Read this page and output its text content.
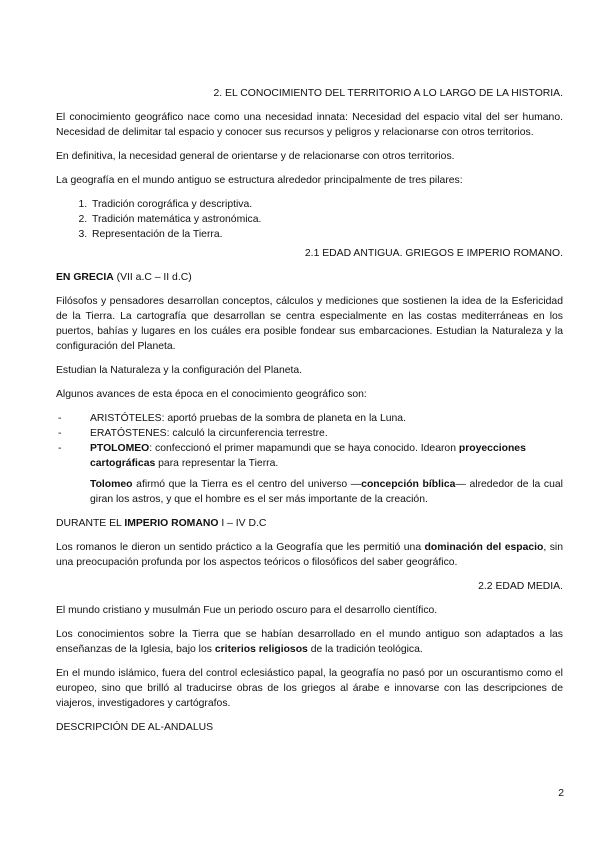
2. EL CONOCIMIENTO DEL TERRITORIO A LO LARGO DE LA HISTORIA.

El conocimiento geográfico nace como una necesidad innata: Necesidad del espacio vital del ser humano. Necesidad de delimitar tal espacio y conocer sus recursos y peligros y relacionarse con otros territorios.

En definitiva, la necesidad general de orientarse y de relacionarse con otros territorios.

La geografía en el mundo antiguo se estructura alrededor principalmente de tres pilares:

1. Tradición corográfica y descriptiva.
2. Tradición matemática y astronómica.
3. Representación de la Tierra.
2.1 EDAD ANTIGUA. GRIEGOS E IMPERIO ROMANO.

EN GRECIA (VII a.C – II d.C)

Filósofos y pensadores desarrollan conceptos, cálculos y mediciones que sostienen la idea de la Esfericidad de la Tierra. La cartografía que desarrollan se centra especialmente en las costas mediterráneas en los puertos, bahías y lugares en los cuáles era posible fondear sus embarcaciones. Estudian la Naturaleza y la configuración del Planeta.

Estudian la Naturaleza y la configuración del Planeta.

Algunos avances de esta época en el conocimiento geográfico son:

-	ARISTÓTELES: aportó pruebas de la sombra de planeta en la Luna.
-	ERATÓSTENES: calculó la circunferencia terrestre.
-	PTOLOMEO: confeccionó el primer mapamundi que se haya conocido. Idearon proyecciones cartográficas para representar la Tierra.

Tolomeo afirmó que la Tierra es el centro del universo —concepción bíblica— alrededor de la cual giran los astros, y que el hombre es el ser más importante de la creación.

DURANTE EL IMPERIO ROMANO I – IV D.C

Los romanos le dieron un sentido práctico a la Geografía que les permitió una dominación del espacio, sin una preocupación profunda por los aspectos teóricos o filosóficos del saber geográfico.

2.2 EDAD MEDIA.

El mundo cristiano y musulmán Fue un periodo oscuro para el desarrollo científico.

Los conocimientos sobre la Tierra que se habían desarrollado en el mundo antiguo son adaptados a las enseñanzas de la Iglesia, bajo los criterios religiosos de la tradición teológica.

En el mundo islámico, fuera del control eclesiástico papal, la geografía no pasó por un oscurantismo como el europeo, sino que brilló al traducirse obras de los griegos al árabe e innovarse con las descripciones de viajeros, investigadores y cartógrafos.

DESCRIPCIÓN DE AL-ANDALUS

2
